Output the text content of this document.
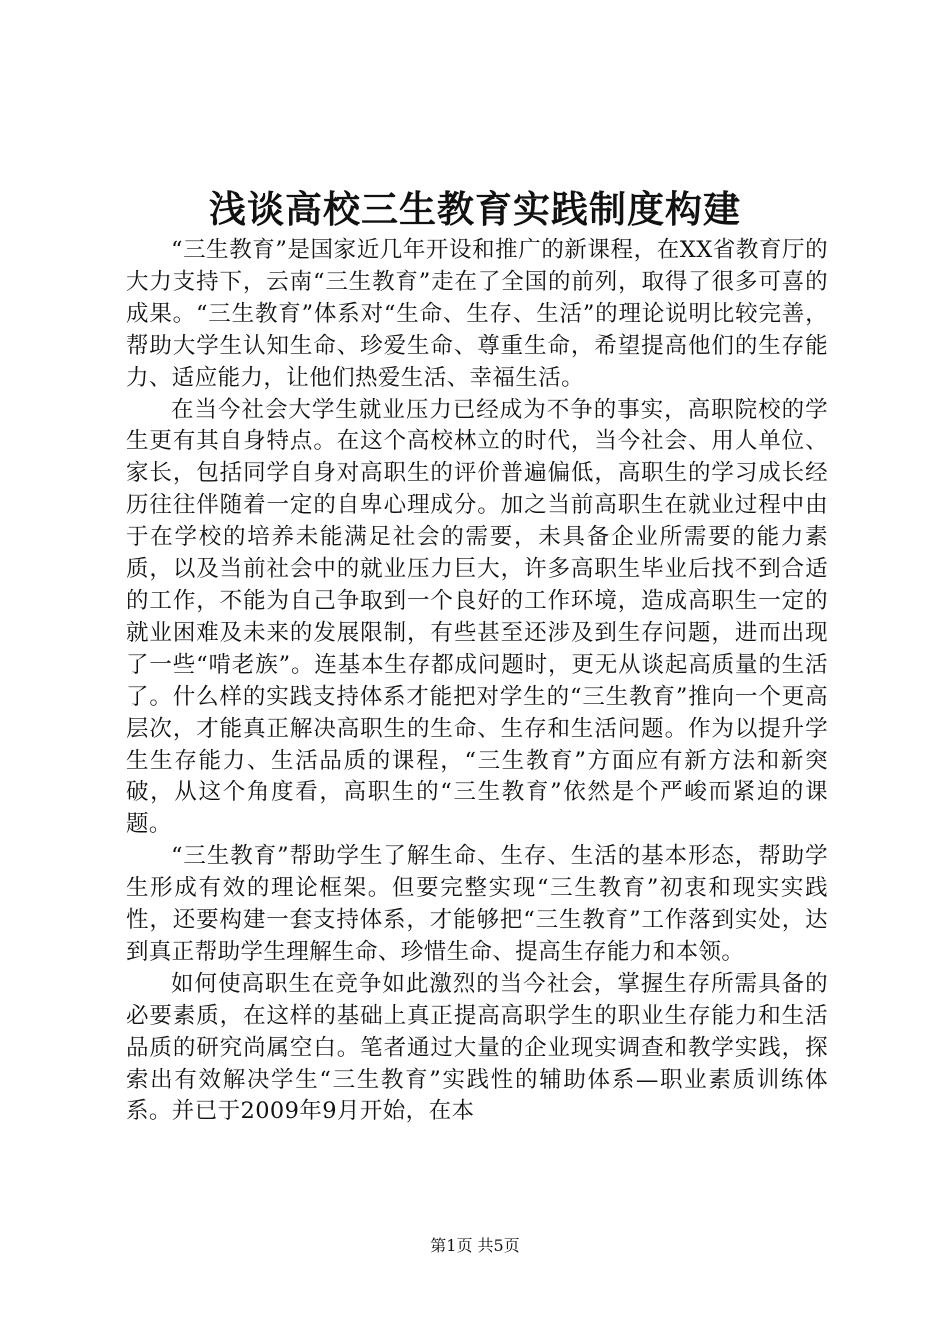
浅谈高校三生教育实践制度构建

“三生教育”是国家近几年开设和推广的新课程，在XX省教育厅的大力支持下，云南“三生教育”走在了全国的前列，取得了很多可喜的成果。“三生教育”体系对“生命、生存、生活”的理论说明比较完善，帮助大学生认知生命、珍爱生命、尊重生命，希望提高他们的生存能力、适应能力，让他们热爱生活、幸福生活。

在当今社会大学生就业压力已经成为不争的事实，高职院校的学生更有其自身特点。在这个高校林立的时代，当今社会、用人单位、家长，包括同学自身对高职生的评价普遍偏低，高职生的学习成长经历往往伴随着一定的自卑心理成分。加之当前高职生在就业过程中由于在学校的培养未能满足社会的需要，未具备企业所需要的能力素质，以及当前社会中的就业压力巨大，许多高职生毕业后找不到合适的工作，不能为自己争取到一个良好的工作环境，造成高职生一定的就业困难及未来的发展限制，有些甚至还涉及到生存问题，进而出现了一些“啃老族”。连基本生存都成问题时，更无从谈起高质量的生活了。什么样的实践支持体系才能把对学生的“三生教育”推向一个更高层次，才能真正解决高职生的生命、生存和生活问题。作为以提升学生生存能力、生活品质的课程，“三生教育”方面应有新方法和新突破，从这个角度看，高职生的“三生教育”依然是个严峻而紧迫的课题。

“三生教育”帮助学生了解生命、生存、生活的基本形态，帮助学生形成有效的理论框架。但要完整实现“三生教育”初衷和现实实践性，还要构建一套支持体系，才能够把“三生教育”工作落到实处，达到真正帮助学生理解生命、珍惜生命、提高生存能力和本领。

如何使高职生在竞争如此激烈的当今社会，掌握生存所需具备的必要素质，在这样的基础上真正提高高职学生的职业生存能力和生活品质的研究尚属空白。笔者通过大量的企业现实调查和教学实践，探索出有效解决学生“三生教育”实践性的辅助体系—职业素质训练体系。并已于2009年9月开始，在本

第1页 共5页
